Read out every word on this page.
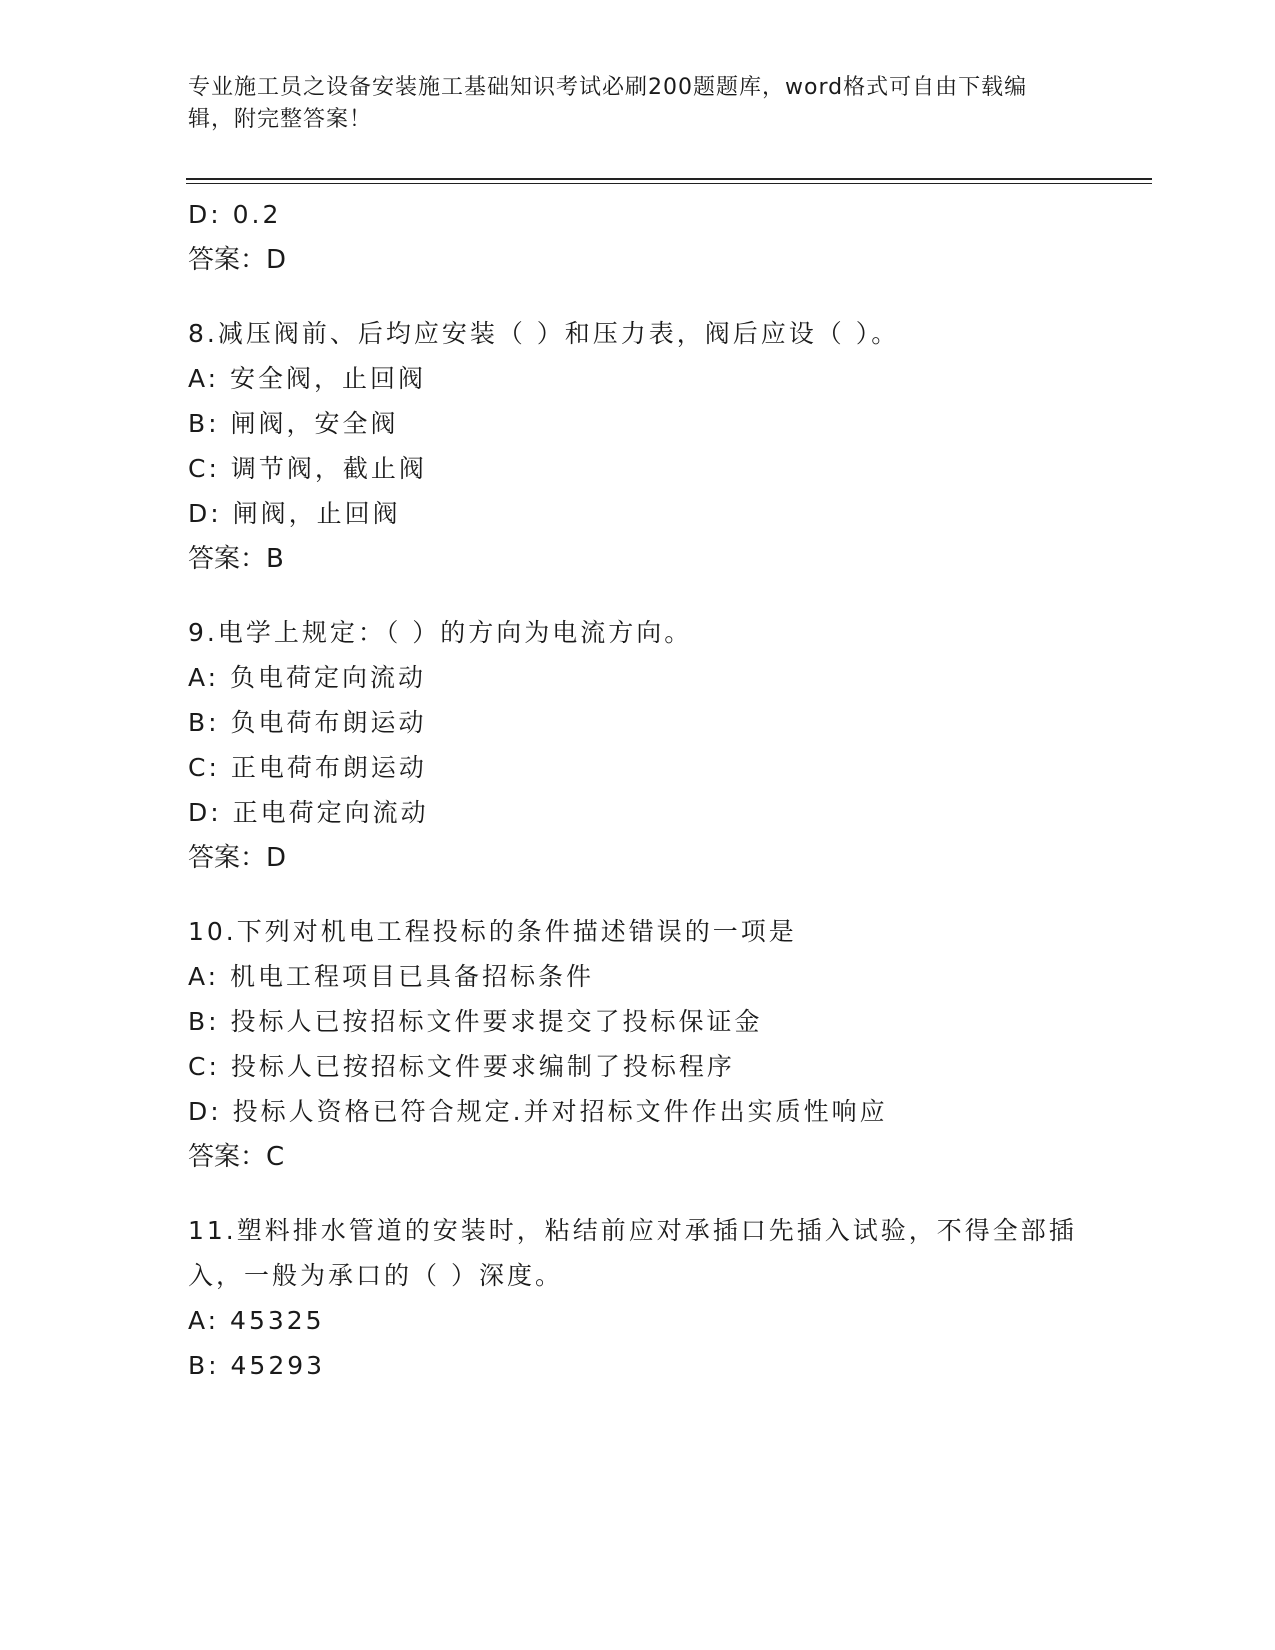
专业施工员之设备安装施工基础知识考试必刷200题题库，word格式可自由下载编辑，附完整答案！
D: 0.2
答案：D
8.减压阀前、后均应安装（ ）和压力表，阀后应设（ ）。
A: 安全阀，止回阀
B: 闸阀，安全阀
C: 调节阀，截止阀
D: 闸阀，止回阀
答案：B
9.电学上规定：（ ）的方向为电流方向。
A: 负电荷定向流动
B: 负电荷布朗运动
C: 正电荷布朗运动
D: 正电荷定向流动
答案：D
10.下列对机电工程投标的条件描述错误的一项是
A: 机电工程项目已具备招标条件
B: 投标人已按招标文件要求提交了投标保证金
C: 投标人已按招标文件要求编制了投标程序
D: 投标人资格已符合规定.并对招标文件作出实质性响应
答案：C
11.塑料排水管道的安装时，粘结前应对承插口先插入试验，不得全部插入，一般为承口的（ ）深度。
A: 45325
B: 45293
